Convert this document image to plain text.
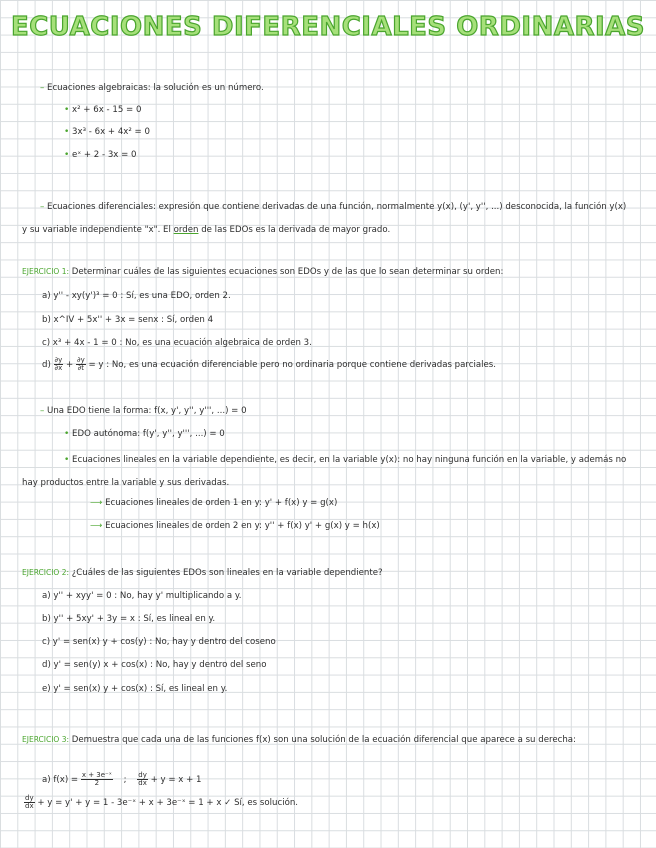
ECUACIONES DIFERENCIALES ORDINARIAS
– Ecuaciones algebraicas: la solución es un número.
• x² + 6x - 15 = 0
• 3x³ - 6x + 4x² = 0
• eˣ + 2 - 3x = 0
– Ecuaciones diferenciales: expresión que contiene derivadas de una función, normalmente y(x), (y', y'', ...) desconocida, la función y(x) y su variable independiente "x". El orden de las EDOs es la derivada de mayor grado.
EJERCICIO 1: Determinar cuáles de las siguientes ecuaciones son EDOs y de las que lo sean determinar su orden:
a) y'' - xy(y')³ = 0 : Sí, es una EDO, orden 2.
b) x^IV + 5x'' + 3x = senx : Sí, orden 4
c) x³ + 4x - 1 = 0 : No, es una ecuación algebraica de orden 3.
$d) \frac{\partial y}{\partial x} + \frac{\partial y}{\partial t} = y$ : No, es una ecuación diferenciable pero no ordinaria porque contiene derivadas parciales.
– Una EDO tiene la forma: f(x, y', y'', y''', ...) = 0
• EDO autónoma: f(y', y'', y''', ...) = 0
• Ecuaciones lineales en la variable dependiente, es decir, en la variable y(x): no hay ninguna función en la variable, y además no hay productos entre la variable y sus derivadas.
⟶ Ecuaciones lineales de orden 1 en y: y' + f(x) y = g(x)
⟶ Ecuaciones lineales de orden 2 en y: y'' + f(x) y' + g(x) y = h(x)
EJERCICIO 2: ¿Cuáles de las siguientes EDOs son lineales en la variable dependiente?
a) y'' + xyy' = 0 : No, hay y' multiplicando a y.
b) y'' + 5xy' + 3y = x : Sí, es lineal en y.
c) y' = sen(x) y + cos(y) : No, hay y dentro del coseno
d) y' = sen(y) x + cos(x) : No, hay y dentro del seno
e) y' = sen(x) y + cos(x) : Sí, es lineal en y.
EJERCICIO 3: Demuestra que cada una de las funciones f(x) son una solución de la ecuación diferencial que aparece a su derecha:
a) $f(x) = \frac{\text{x + 3e⁻ˣ}}{2}$ ; $\frac{dy}{dx} + y = x + 1$
$\frac{dy}{dx} + y = y' + y = 1$ - 3e⁻ˣ + x + 3e⁻ˣ = 1 + x ✓ Sí, es solución.
